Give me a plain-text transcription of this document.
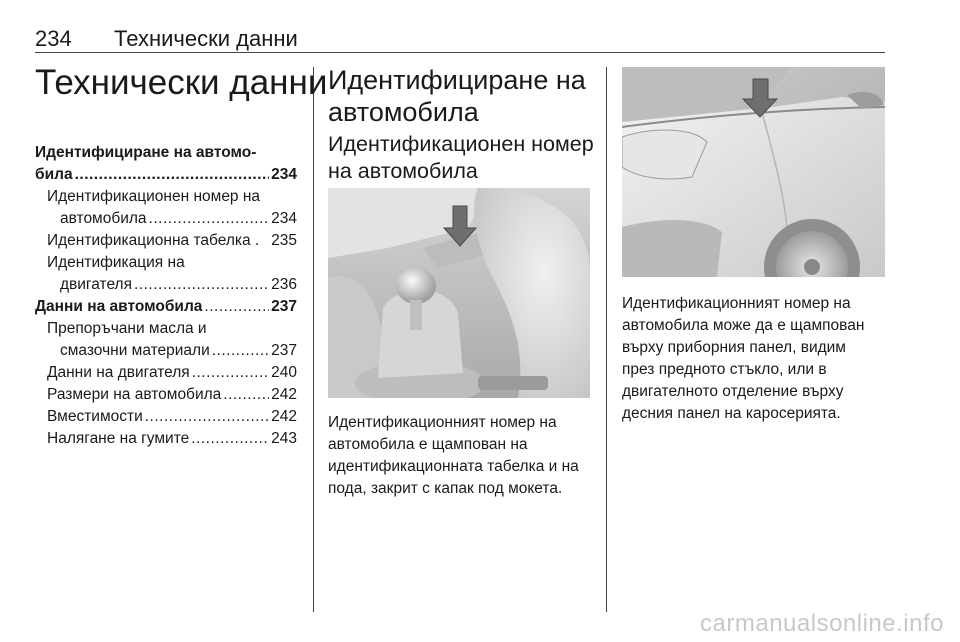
234 Технически данни
Технически данни
Идентифициране на автомо-
била .....	234
Идентификационен номер на
автомобила .....	234
Идентификационна табелка . 235
Идентификация на
двигателя .....	236
Данни на автомобила .....	237
Препоръчани масла и
смазочни материали .....	237
Данни на двигателя .....	240
Размери на автомобила .....	242
Вместимости .....	242
Налягане на гумите .....	243
Идентифициране на
автомобила
Идентификационен номер
на автомобила
Идентификационният номер на
автомобила е щампован на
идентификационната табелка и на
пода, закрит с капак под мокета.
Идентификационният номер на
автомобила може да е щампован
върху приборния панел, видим
през предното стъкло, или в
двигателното отделение върху
десния панел на каросерията.
carmanualsonline.info
